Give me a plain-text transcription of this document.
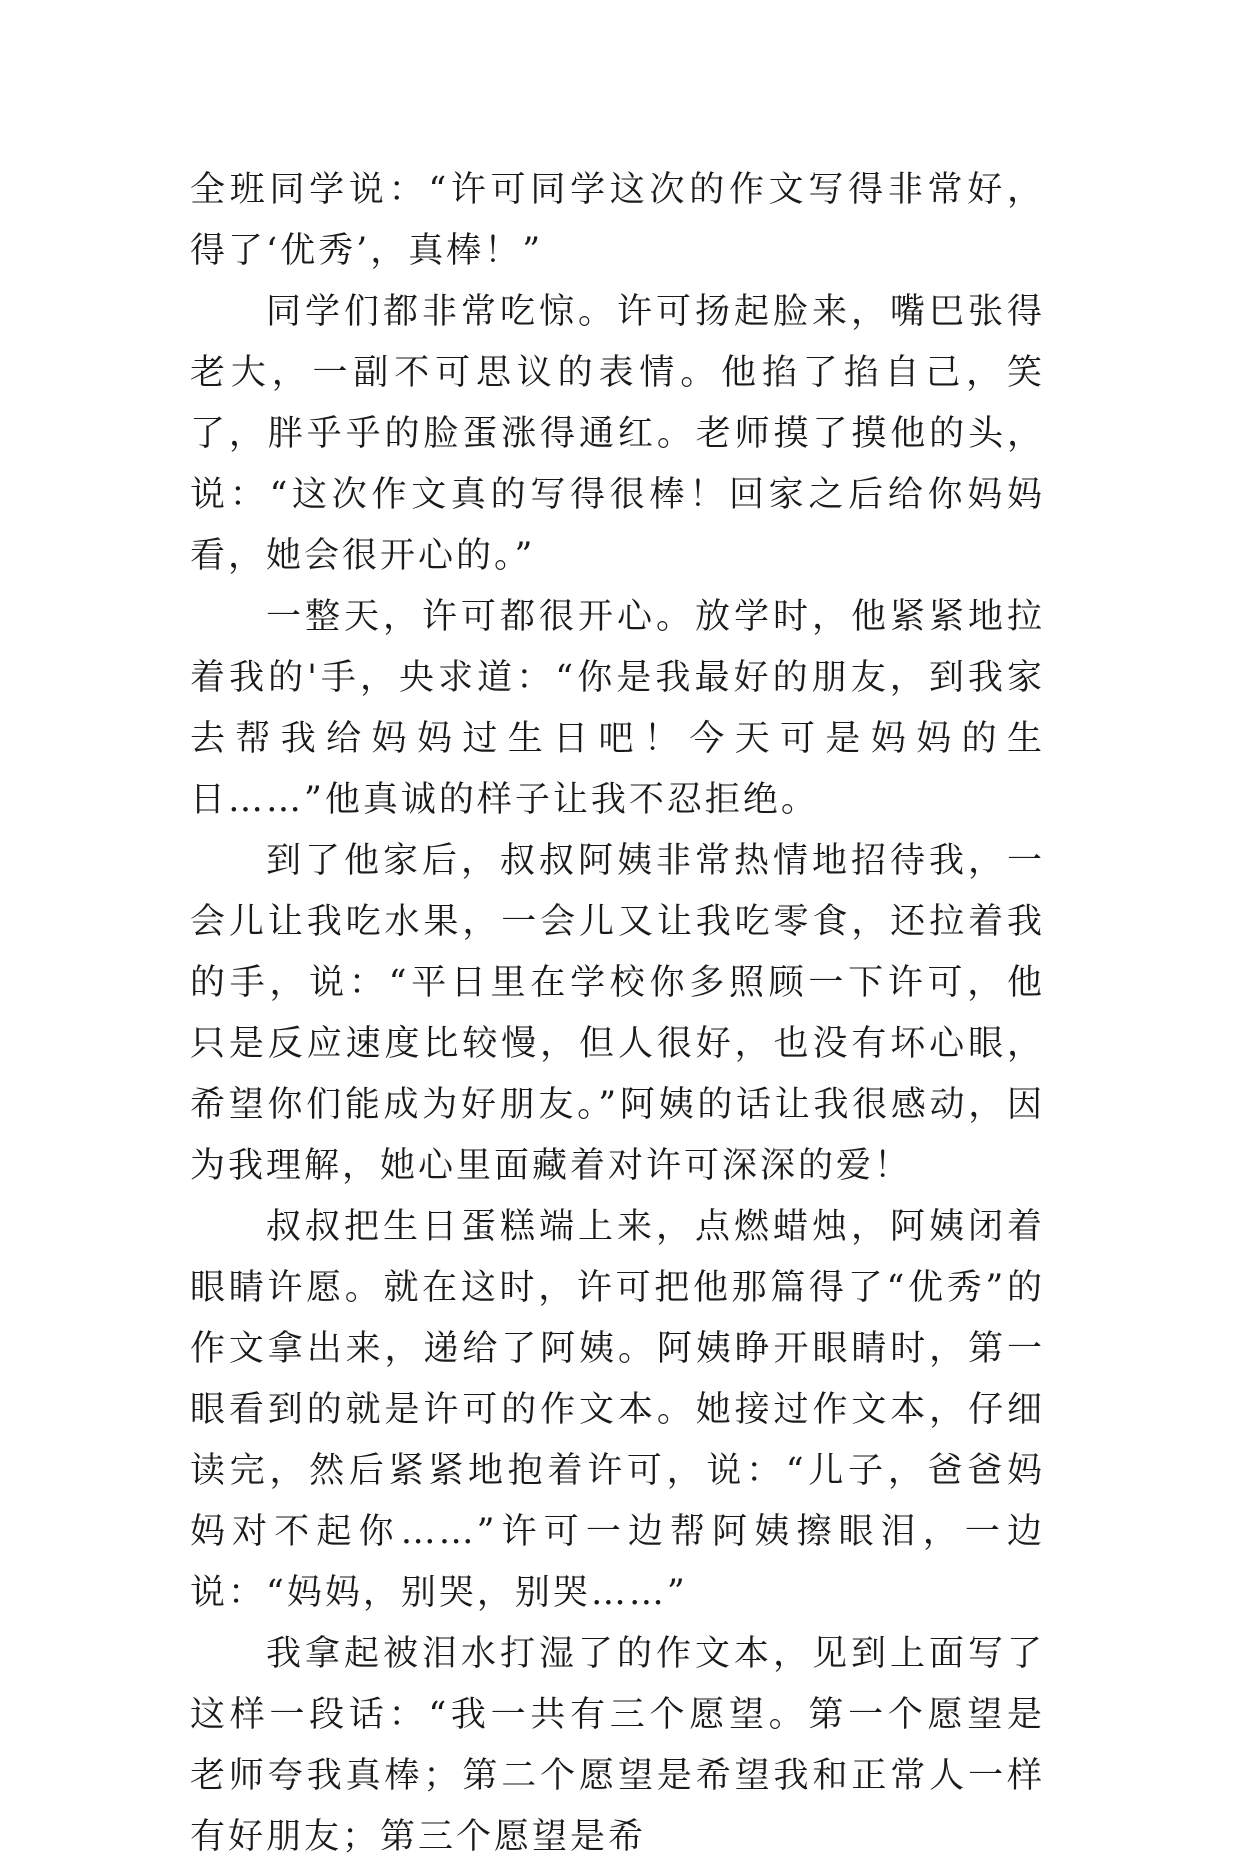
全班同学说：“许可同学这次的作文写得非常好，得了‘优秀’，真棒！”

同学们都非常吃惊。许可扬起脸来，嘴巴张得老大，一副不可思议的表情。他掐了掐自己，笑了，胖乎乎的脸蛋涨得通红。老师摸了摸他的头，说：“这次作文真的写得很棒！回家之后给你妈妈看，她会很开心的。”

一整天，许可都很开心。放学时，他紧紧地拉着我的'手，央求道：“你是我最好的朋友，到我家去帮我给妈妈过生日吧！今天可是妈妈的生日……”他真诚的样子让我不忍拒绝。

到了他家后，叔叔阿姨非常热情地招待我，一会儿让我吃水果，一会儿又让我吃零食，还拉着我的手，说：“平日里在学校你多照顾一下许可，他只是反应速度比较慢，但人很好，也没有坏心眼，希望你们能成为好朋友。”阿姨的话让我很感动，因为我理解，她心里面藏着对许可深深的爱！

叔叔把生日蛋糕端上来，点燃蜡烛，阿姨闭着眼睛许愿。就在这时，许可把他那篇得了“优秀”的作文拿出来，递给了阿姨。阿姨睁开眼睛时，第一眼看到的就是许可的作文本。她接过作文本，仔细读完，然后紧紧地抱着许可，说：“儿子，爸爸妈妈对不起你……”许可一边帮阿姨擦眼泪，一边说：“妈妈，别哭，别哭……”

我拿起被泪水打湿了的作文本，见到上面写了这样一段话：“我一共有三个愿望。第一个愿望是老师夸我真棒；第二个愿望是希望我和正常人一样有好朋友；第三个愿望是希
